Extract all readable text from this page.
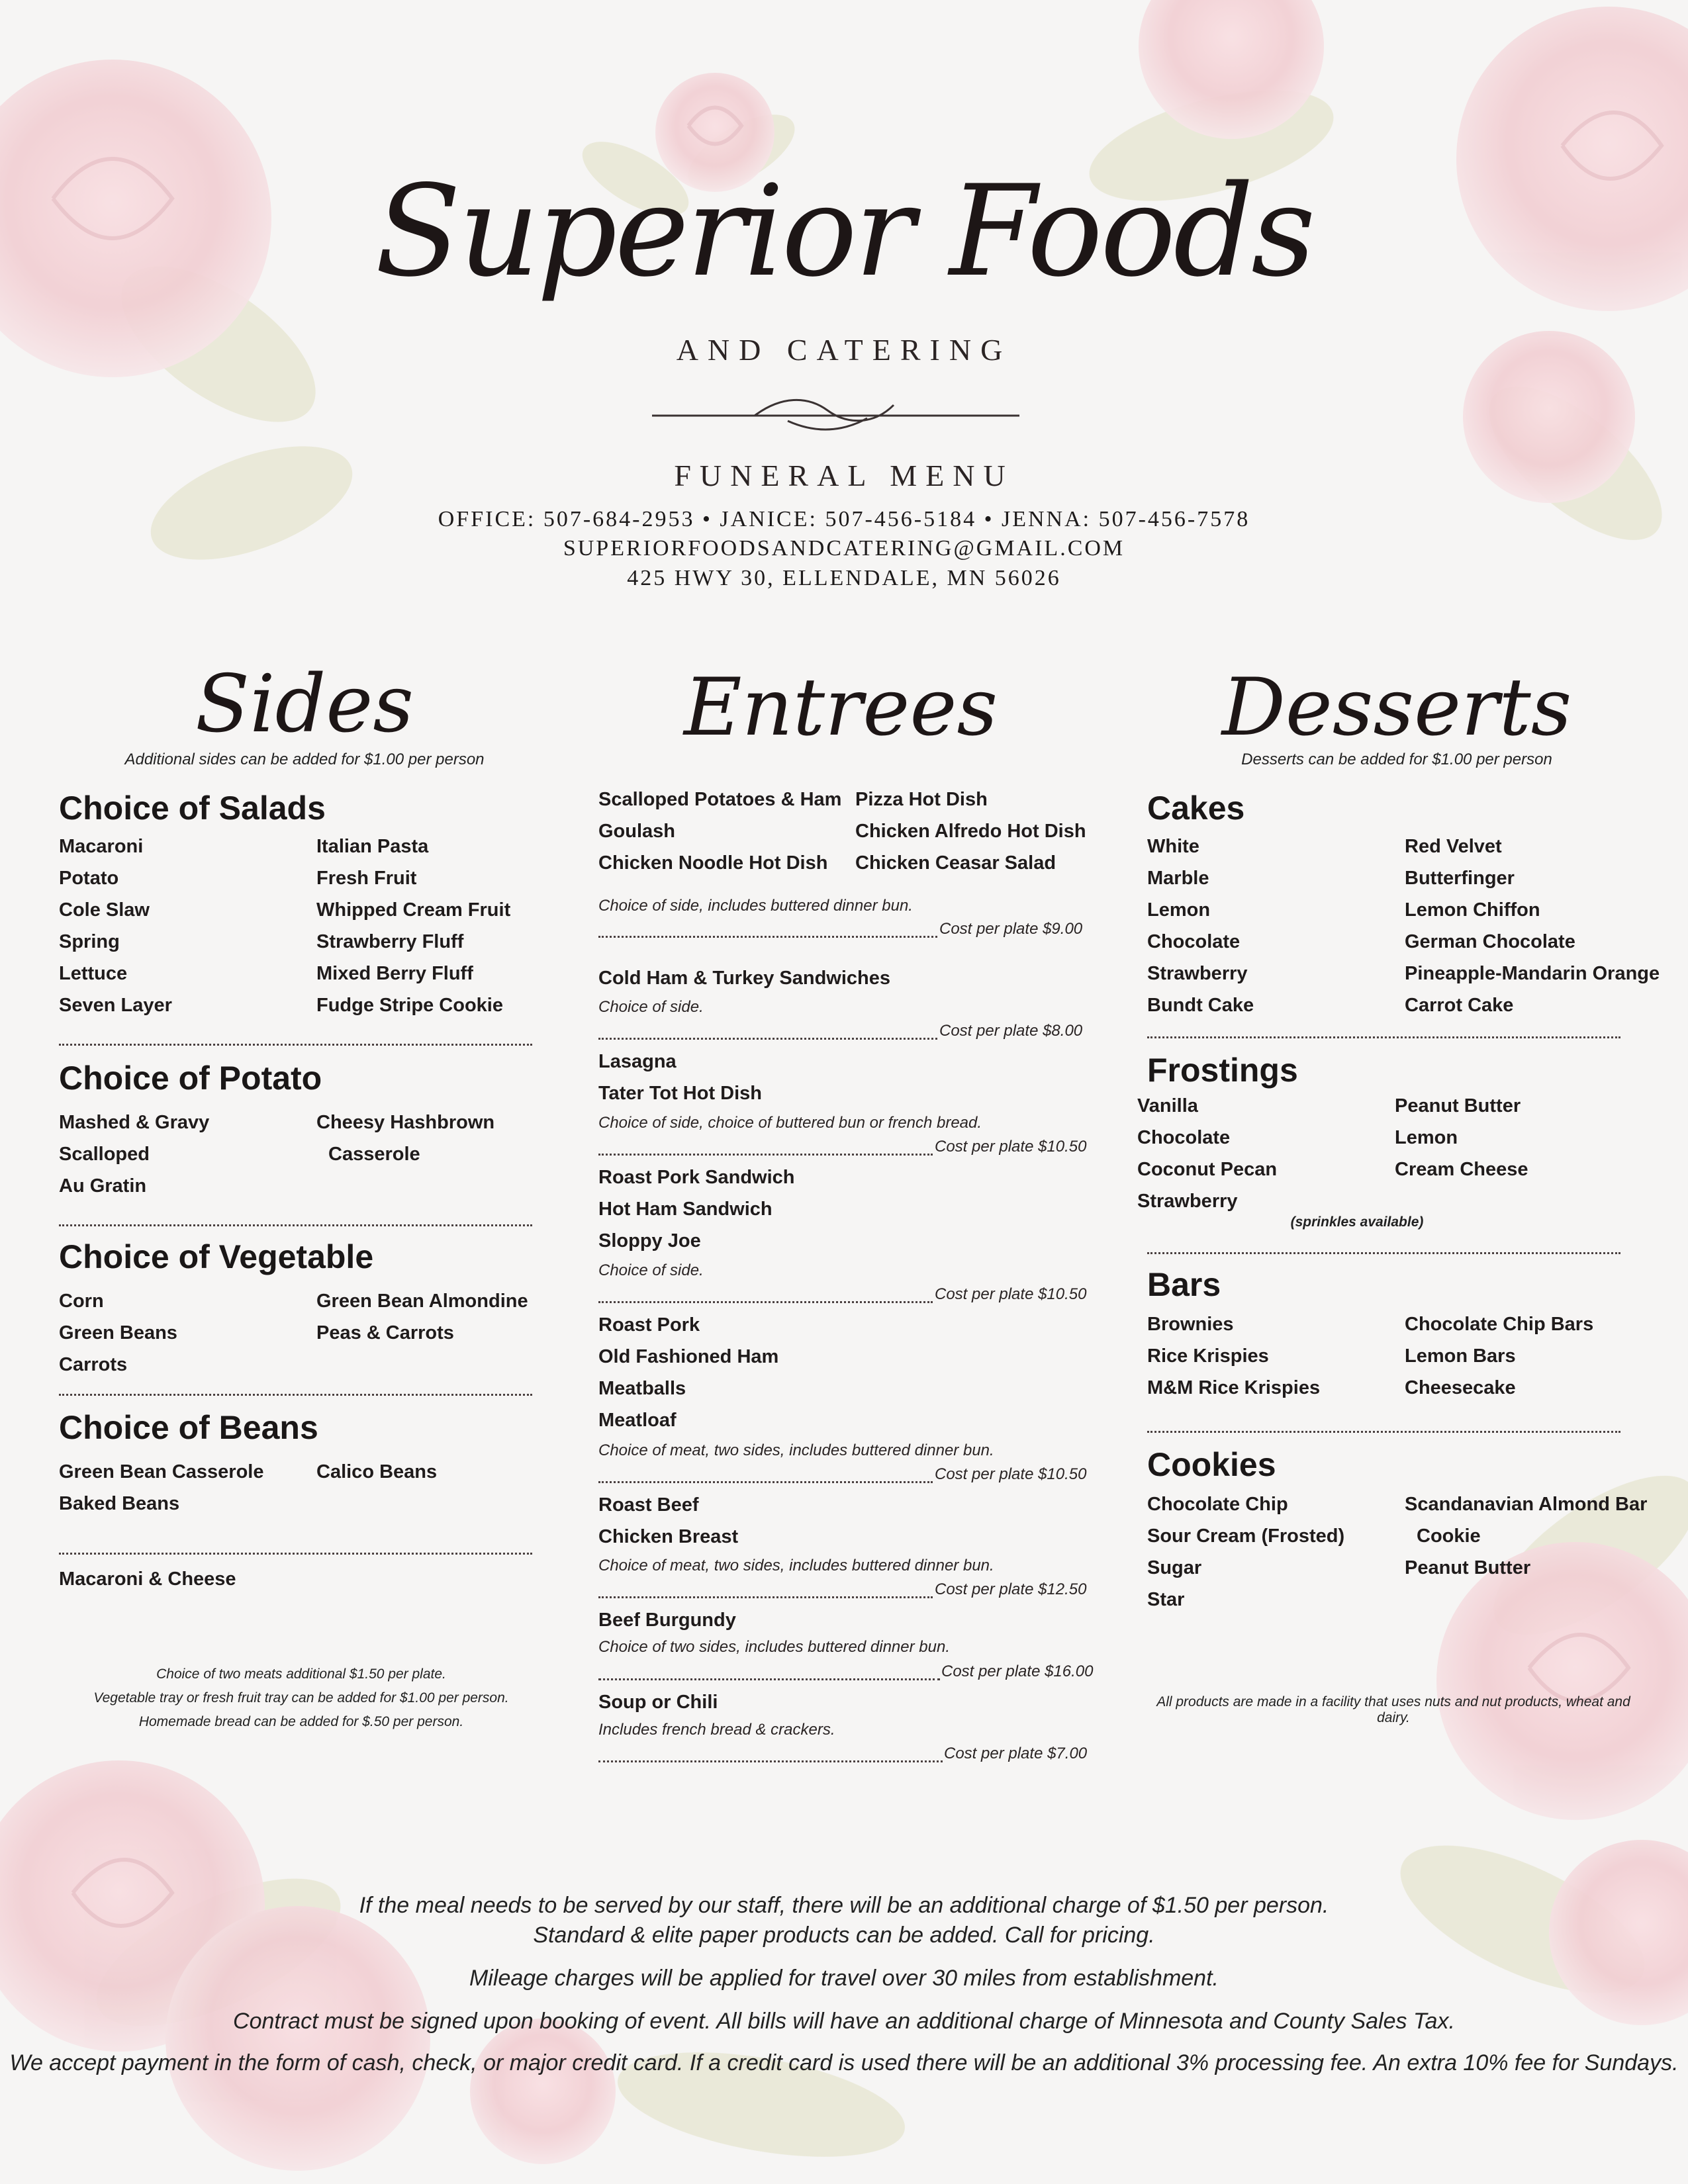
Superior Foods
AND CATERING
FUNERAL MENU
OFFICE: 507-684-2953 • JANICE: 507-456-5184 • JENNA: 507-456-7578
SUPERIORFOODSANDCATERING@GMAIL.COM
425 HWY 30, ELLENDALE, MN 56026
Sides
Additional sides can be added for $1.00 per person
Choice of Salads
Macaroni
Potato
Cole Slaw
Spring
Lettuce
Seven Layer
Italian Pasta
Fresh Fruit
Whipped Cream Fruit
Strawberry Fluff
Mixed Berry Fluff
Fudge Stripe Cookie
Choice of Potato
Mashed & Gravy
Scalloped
Au Gratin
Cheesy Hashbrown
Casserole
Choice of Vegetable
Corn
Green Beans
Carrots
Green Bean Almondine
Peas & Carrots
Choice of Beans
Green Bean Casserole
Baked Beans
Calico Beans
Macaroni & Cheese
Choice of two meats additional $1.50 per plate.
Vegetable tray or fresh fruit tray can be added for $1.00 per person.
Homemade bread can be added for $.50 per person.
Entrees
Scalloped Potatoes & Ham
Goulash
Chicken Noodle Hot Dish
Pizza Hot Dish
Chicken Alfredo Hot Dish
Chicken Ceasar Salad
Choice of side, includes buttered dinner bun.
Cost per plate $9.00
Cold Ham & Turkey Sandwiches
Choice of side.
Cost per plate $8.00
Lasagna
Tater Tot Hot Dish
Choice of side, choice of buttered bun or french bread.
Cost per plate $10.50
Roast Pork Sandwich
Hot Ham Sandwich
Sloppy Joe
Choice of side.
Cost per plate $10.50
Roast Pork
Old Fashioned Ham
Meatballs
Meatloaf
Choice of meat, two sides, includes buttered dinner bun.
Cost per plate $10.50
Roast Beef
Chicken Breast
Choice of meat, two sides, includes buttered dinner bun.
Cost per plate $12.50
Beef Burgundy
Choice of two sides, includes buttered dinner bun.
Cost per plate $16.00
Soup or Chili
Includes french bread & crackers.
Cost per plate $7.00
Desserts
Desserts can be added for $1.00 per person
Cakes
White
Marble
Lemon
Chocolate
Strawberry
Bundt Cake
Red Velvet
Butterfinger
Lemon Chiffon
German Chocolate
Pineapple-Mandarin Orange
Carrot Cake
Frostings
Vanilla
Chocolate
Coconut Pecan
Strawberry
Peanut Butter
Lemon
Cream Cheese
(sprinkles available)
Bars
Brownies
Rice Krispies
M&M Rice Krispies
Chocolate Chip Bars
Lemon Bars
Cheesecake
Cookies
Chocolate Chip
Sour Cream (Frosted)
Sugar
Star
Scandanavian Almond Bar
Cookie
Peanut Butter
All products are made in a facility that uses nuts and nut products, wheat and dairy.
If the meal needs to be served by our staff, there will be an additional charge of $1.50 per person.
Standard & elite paper products can be added. Call for pricing.
Mileage charges will be applied for travel over 30 miles from establishment.
Contract must be signed upon booking of event. All bills will have an additional charge of Minnesota and County Sales Tax.
We accept payment in the form of cash, check, or major credit card. If a credit card is used there will be an additional 3% processing fee. An extra 10% fee for Sundays.
